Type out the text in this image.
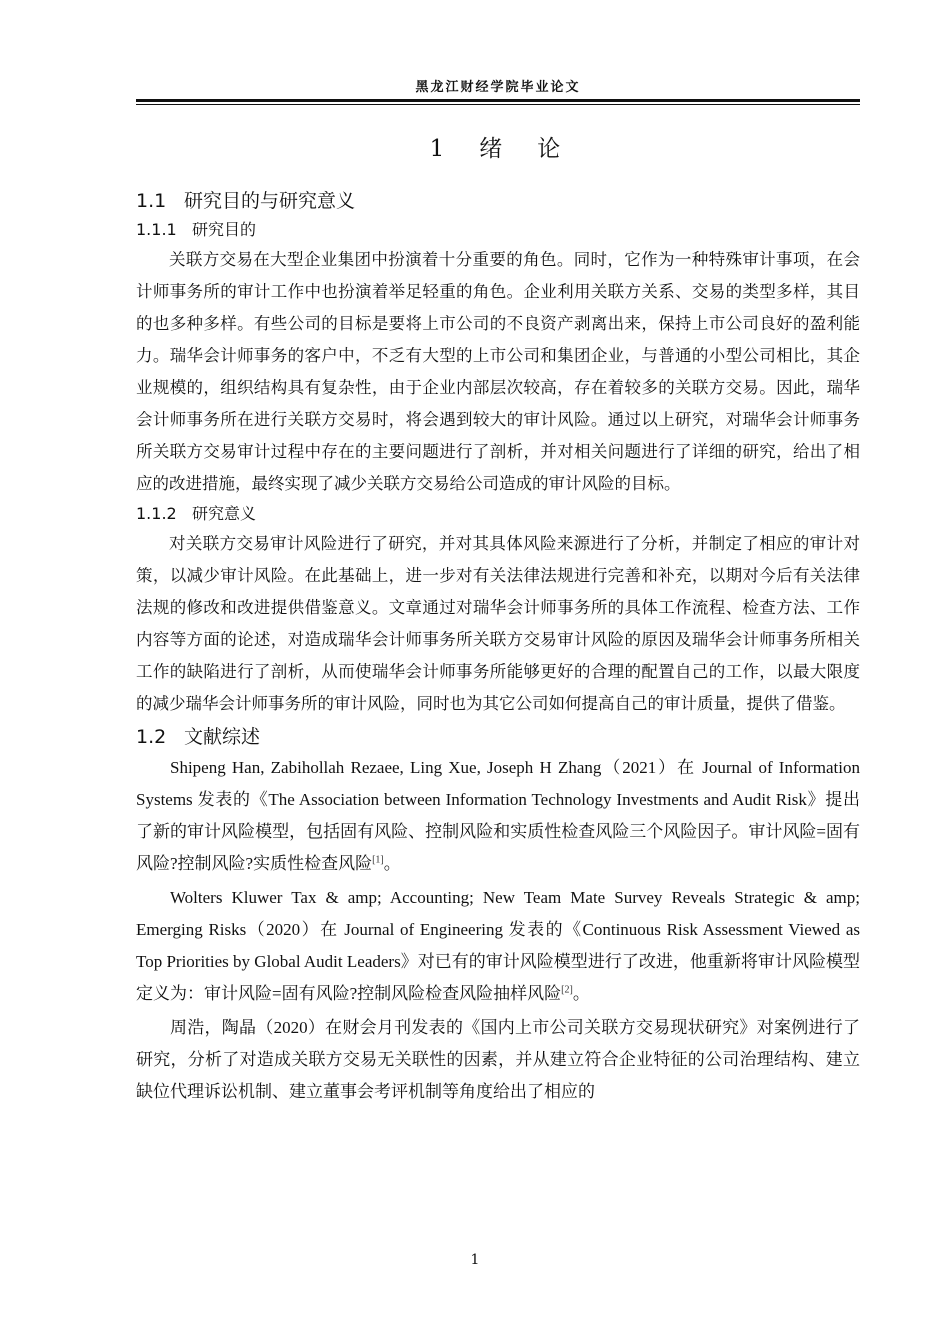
黑龙江财经学院毕业论文
1　绪　论
1.1 研究目的与研究意义
1.1.1 研究目的

关联方交易在大型企业集团中扮演着十分重要的角色。同时，它作为一种特殊审计事项，在会计师事务所的审计工作中也扮演着举足轻重的角色。企业利用关联方关系、交易的类型多样，其目的也多种多样。有些公司的目标是要将上市公司的不良资产剥离出来，保持上市公司良好的盈利能力。瑞华会计师事务的客户中，不乏有大型的上市公司和集团企业，与普通的小型公司相比，其企业规模的，组织结构具有复杂性，由于企业内部层次较高，存在着较多的关联方交易。因此，瑞华会计师事务所在进行关联方交易时，将会遇到较大的审计风险。通过以上研究，对瑞华会计师事务所关联方交易审计过程中存在的主要问题进行了剖析，并对相关问题进行了详细的研究，给出了相应的改进措施，最终实现了减少关联方交易给公司造成的审计风险的目标。

1.1.2 研究意义

对关联方交易审计风险进行了研究，并对其具体风险来源进行了分析，并制定了相应的审计对策，以减少审计风险。在此基础上，进一步对有关法律法规进行完善和补充，以期对今后有关法律法规的修改和改进提供借鉴意义。文章通过对瑞华会计师事务所的具体工作流程、检查方法、工作内容等方面的论述，对造成瑞华会计师事务所关联方交易审计风险的原因及瑞华会计师事务所相关工作的缺陷进行了剖析，从而使瑞华会计师事务所能够更好的合理的配置自己的工作，以最大限度的减少瑞华会计师事务所的审计风险，同时也为其它公司如何提高自己的审计质量，提供了借鉴。

1.2 文献综述

Shipeng Han, Zabihollah Rezaee, Ling Xue, Joseph H Zhang（2021）在 Journal of Information Systems 发表的《The Association between Information Technology Investments and Audit Risk》提出了新的审计风险模型，包括固有风险、控制风险和实质性检查风险三个风险因子。审计风险=固有风险?控制风险?实质性检查风险[1]。

Wolters Kluwer Tax & amp; Accounting; New Team Mate Survey Reveals Strategic & amp; Emerging Risks（2020）在 Journal of Engineering 发表的《Continuous Risk Assessment Viewed as Top Priorities by Global Audit Leaders》对已有的审计风险模型进行了改进，他重新将审计风险模型定义为：审计风险=固有风险?控制风险检查风险抽样风险[2]。

周浩，陶晶（2020）在财会月刊发表的《国内上市公司关联方交易现状研究》对案例进行了研究，分析了对造成关联方交易无关联性的因素，并从建立符合企业特征的公司治理结构、建立缺位代理诉讼机制、建立董事会考评机制等角度给出了相应的

1
